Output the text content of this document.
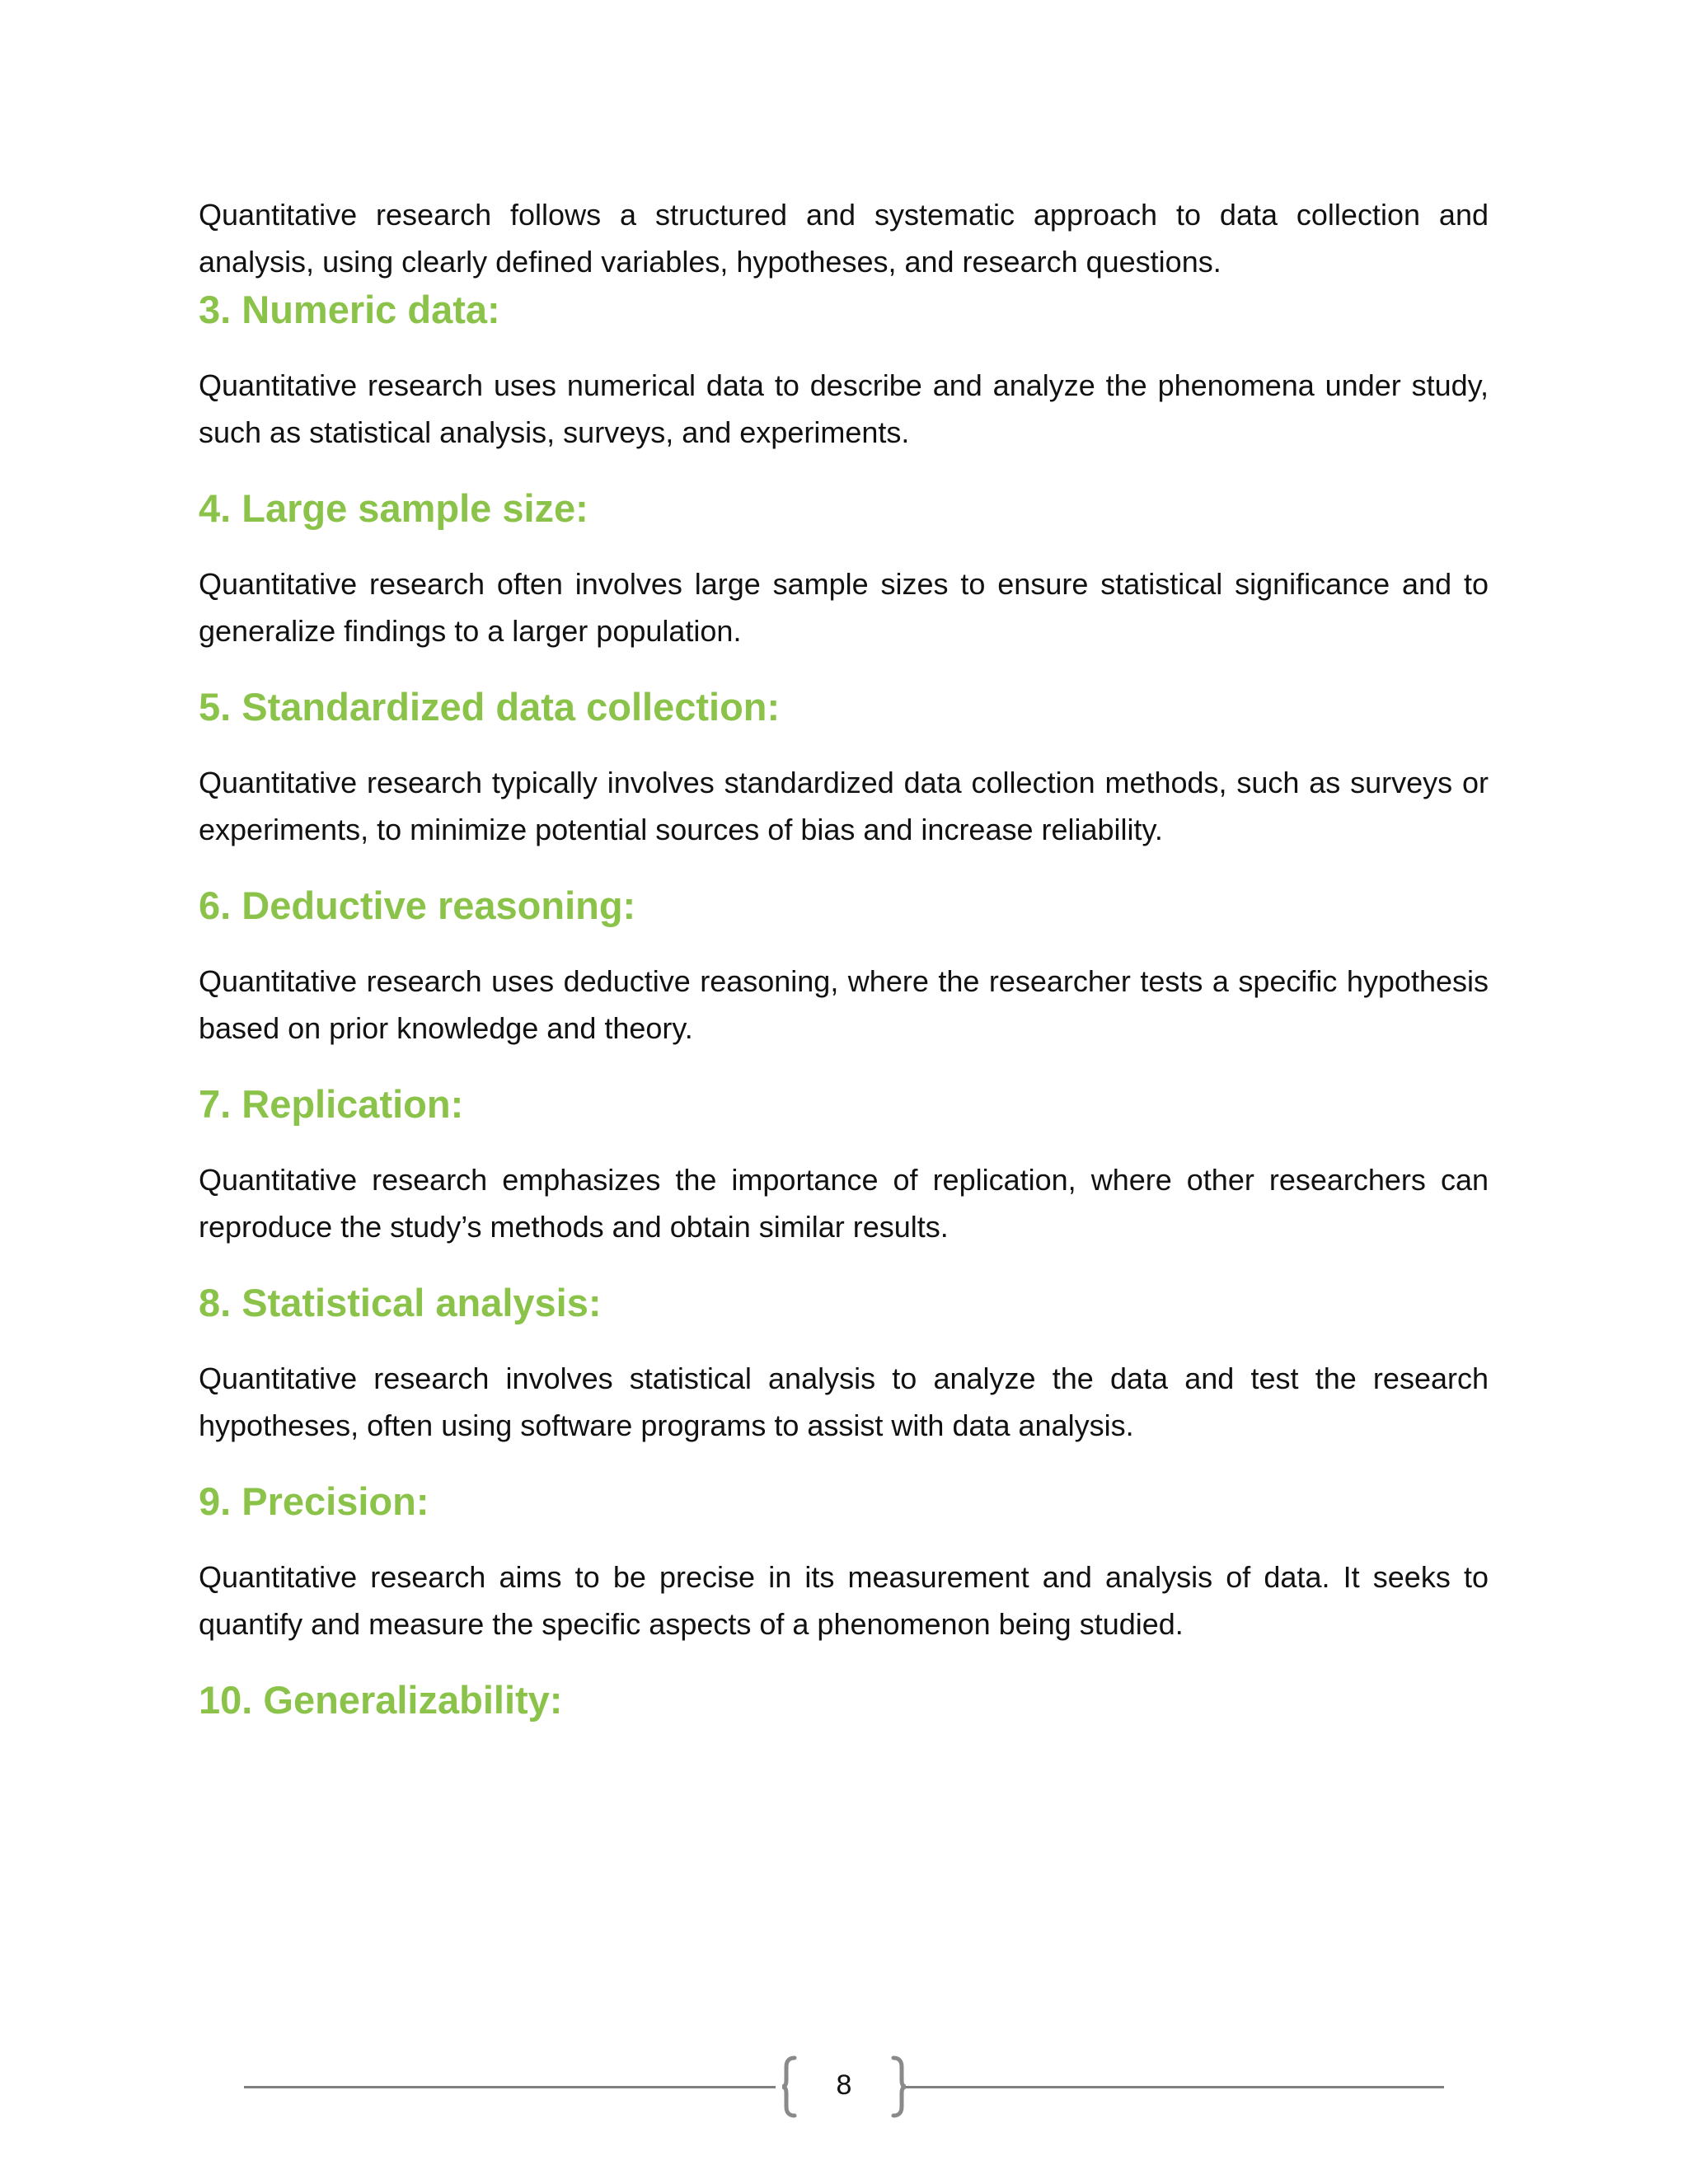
Quantitative research follows a structured and systematic approach to data collection and analysis, using clearly defined variables, hypotheses, and research questions.

3. Numeric data:

Quantitative research uses numerical data to describe and analyze the phenomena under study, such as statistical analysis, surveys, and experiments.

4. Large sample size:

Quantitative research often involves large sample sizes to ensure statistical significance and to generalize findings to a larger population.

5. Standardized data collection:

Quantitative research typically involves standardized data collection methods, such as surveys or experiments, to minimize potential sources of bias and increase reliability.

6. Deductive reasoning:

Quantitative research uses deductive reasoning, where the researcher tests a specific hypothesis based on prior knowledge and theory.

7. Replication:

Quantitative research emphasizes the importance of replication, where other researchers can reproduce the study’s methods and obtain similar results.

8. Statistical analysis:

Quantitative research involves statistical analysis to analyze the data and test the research hypotheses, often using software programs to assist with data analysis.

9. Precision:

Quantitative research aims to be precise in its measurement and analysis of data. It seeks to quantify and measure the specific aspects of a phenomenon being studied.

10. Generalizability:
8
